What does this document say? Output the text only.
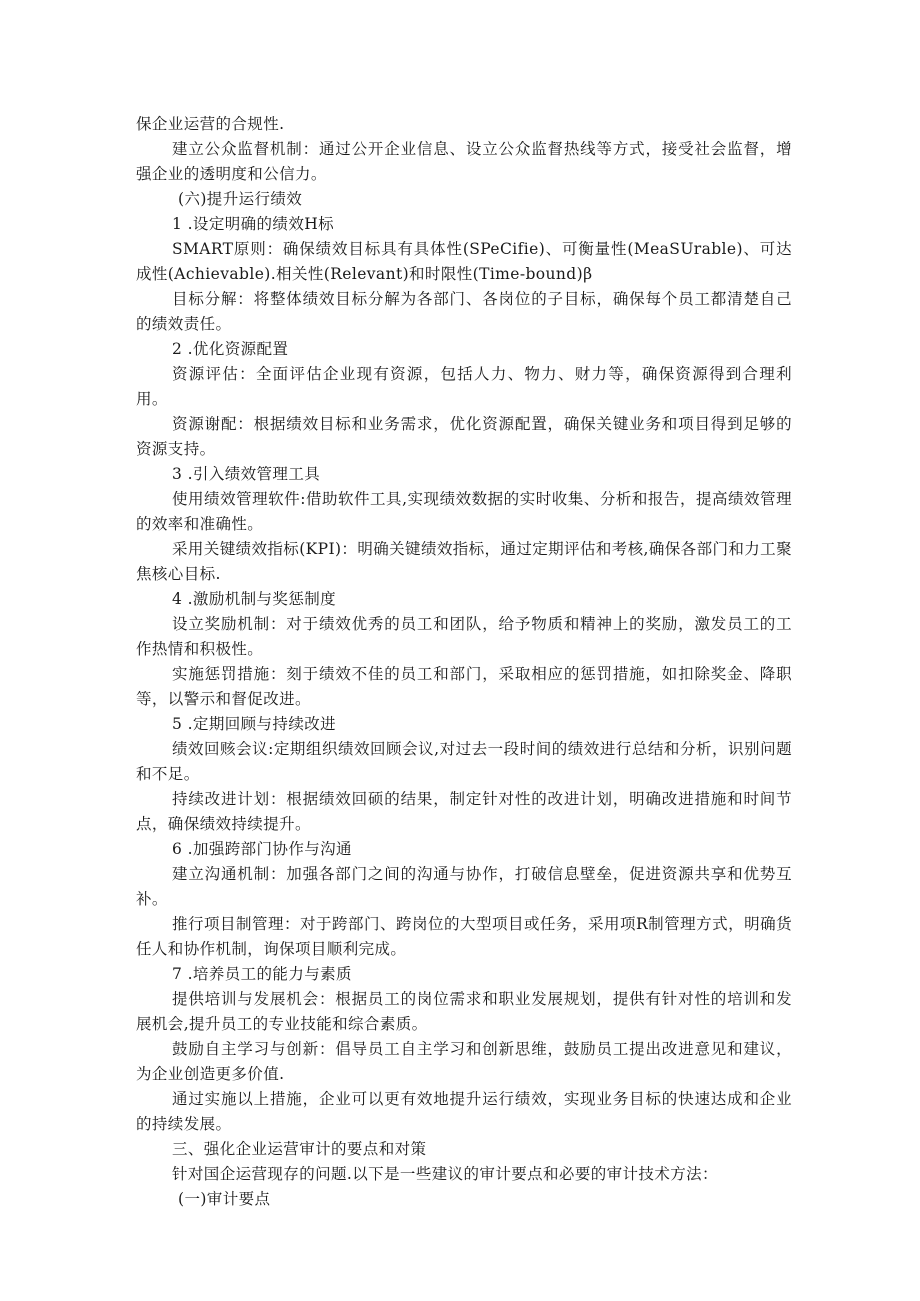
保企业运营的合规性.

建立公众监督机制：通过公开企业信息、设立公众监督热线等方式，接受社会监督，增强企业的透明度和公信力。

(六)提升运行绩效

1 .设定明确的绩效H标

SMART原则：确保绩效目标具有具体性(SPeCifie)、可衡量性(MeaSUrable)、可达成性(Achievable).相关性(Relevant)和时限性(Time-bound)β

目标分解：将整体绩效目标分解为各部门、各岗位的子目标，确保每个员工都清楚自己的绩效责任。

2 .优化资源配置

资源评估：全面评估企业现有资源，包括人力、物力、财力等，确保资源得到合理利用。

资源谢配：根据绩效目标和业务需求，优化资源配置，确保关键业务和项目得到足够的资源支持。

3 .引入绩效管理工具

使用绩效管理软件:借助软件工具,实现绩效数据的实时收集、分析和报告，提高绩效管理的效率和准确性。

采用关键绩效指标(KPI)：明确关键绩效指标，通过定期评估和考核,确保各部门和力工聚焦核心目标.

4 .激励机制与奖惩制度

设立奖励机制：对于绩效优秀的员工和团队，给予物质和精神上的奖励，激发员工的工作热情和积极性。

实施惩罚措施：刻于绩效不佳的员工和部门，采取相应的惩罚措施，如扣除奖金、降职等，以警示和督促改进。

5 .定期回顾与持续改进

绩效回赅会议:定期组织绩效回顾会议,对过去一段时间的绩效进行总结和分析，识别问题和不足。

持续改进计划：根据绩效回硕的结果，制定针对性的改进计划，明确改进措施和时间节点，确保绩效持续提升。

6 .加强跨部门协作与沟通

建立沟通机制：加强各部门之间的沟通与协作，打破信息壁垒，促进资源共享和优势互补。

推行项目制管理：对于跨部门、跨岗位的大型项目或任务，采用项R制管理方式，明确货任人和协作机制，询保项目顺利完成。

7 .培养员工的能力与素质

提供培训与发展机会：根据员工的岗位需求和职业发展规划，提供有针对性的培训和发展机会,提升员工的专业技能和综合素质。

鼓励自主学习与创新：倡导员工自主学习和创新思维，鼓励员工提出改进意见和建议，为企业创造更多价值.

通过实施以上措施，企业可以更有效地提升运行绩效，实现业务目标的快速达成和企业的持续发展。

三、强化企业运营审计的要点和对策

针对国企运营现存的问题.以下是一些建议的审计要点和必要的审计技术方法：

(一)审计要点
